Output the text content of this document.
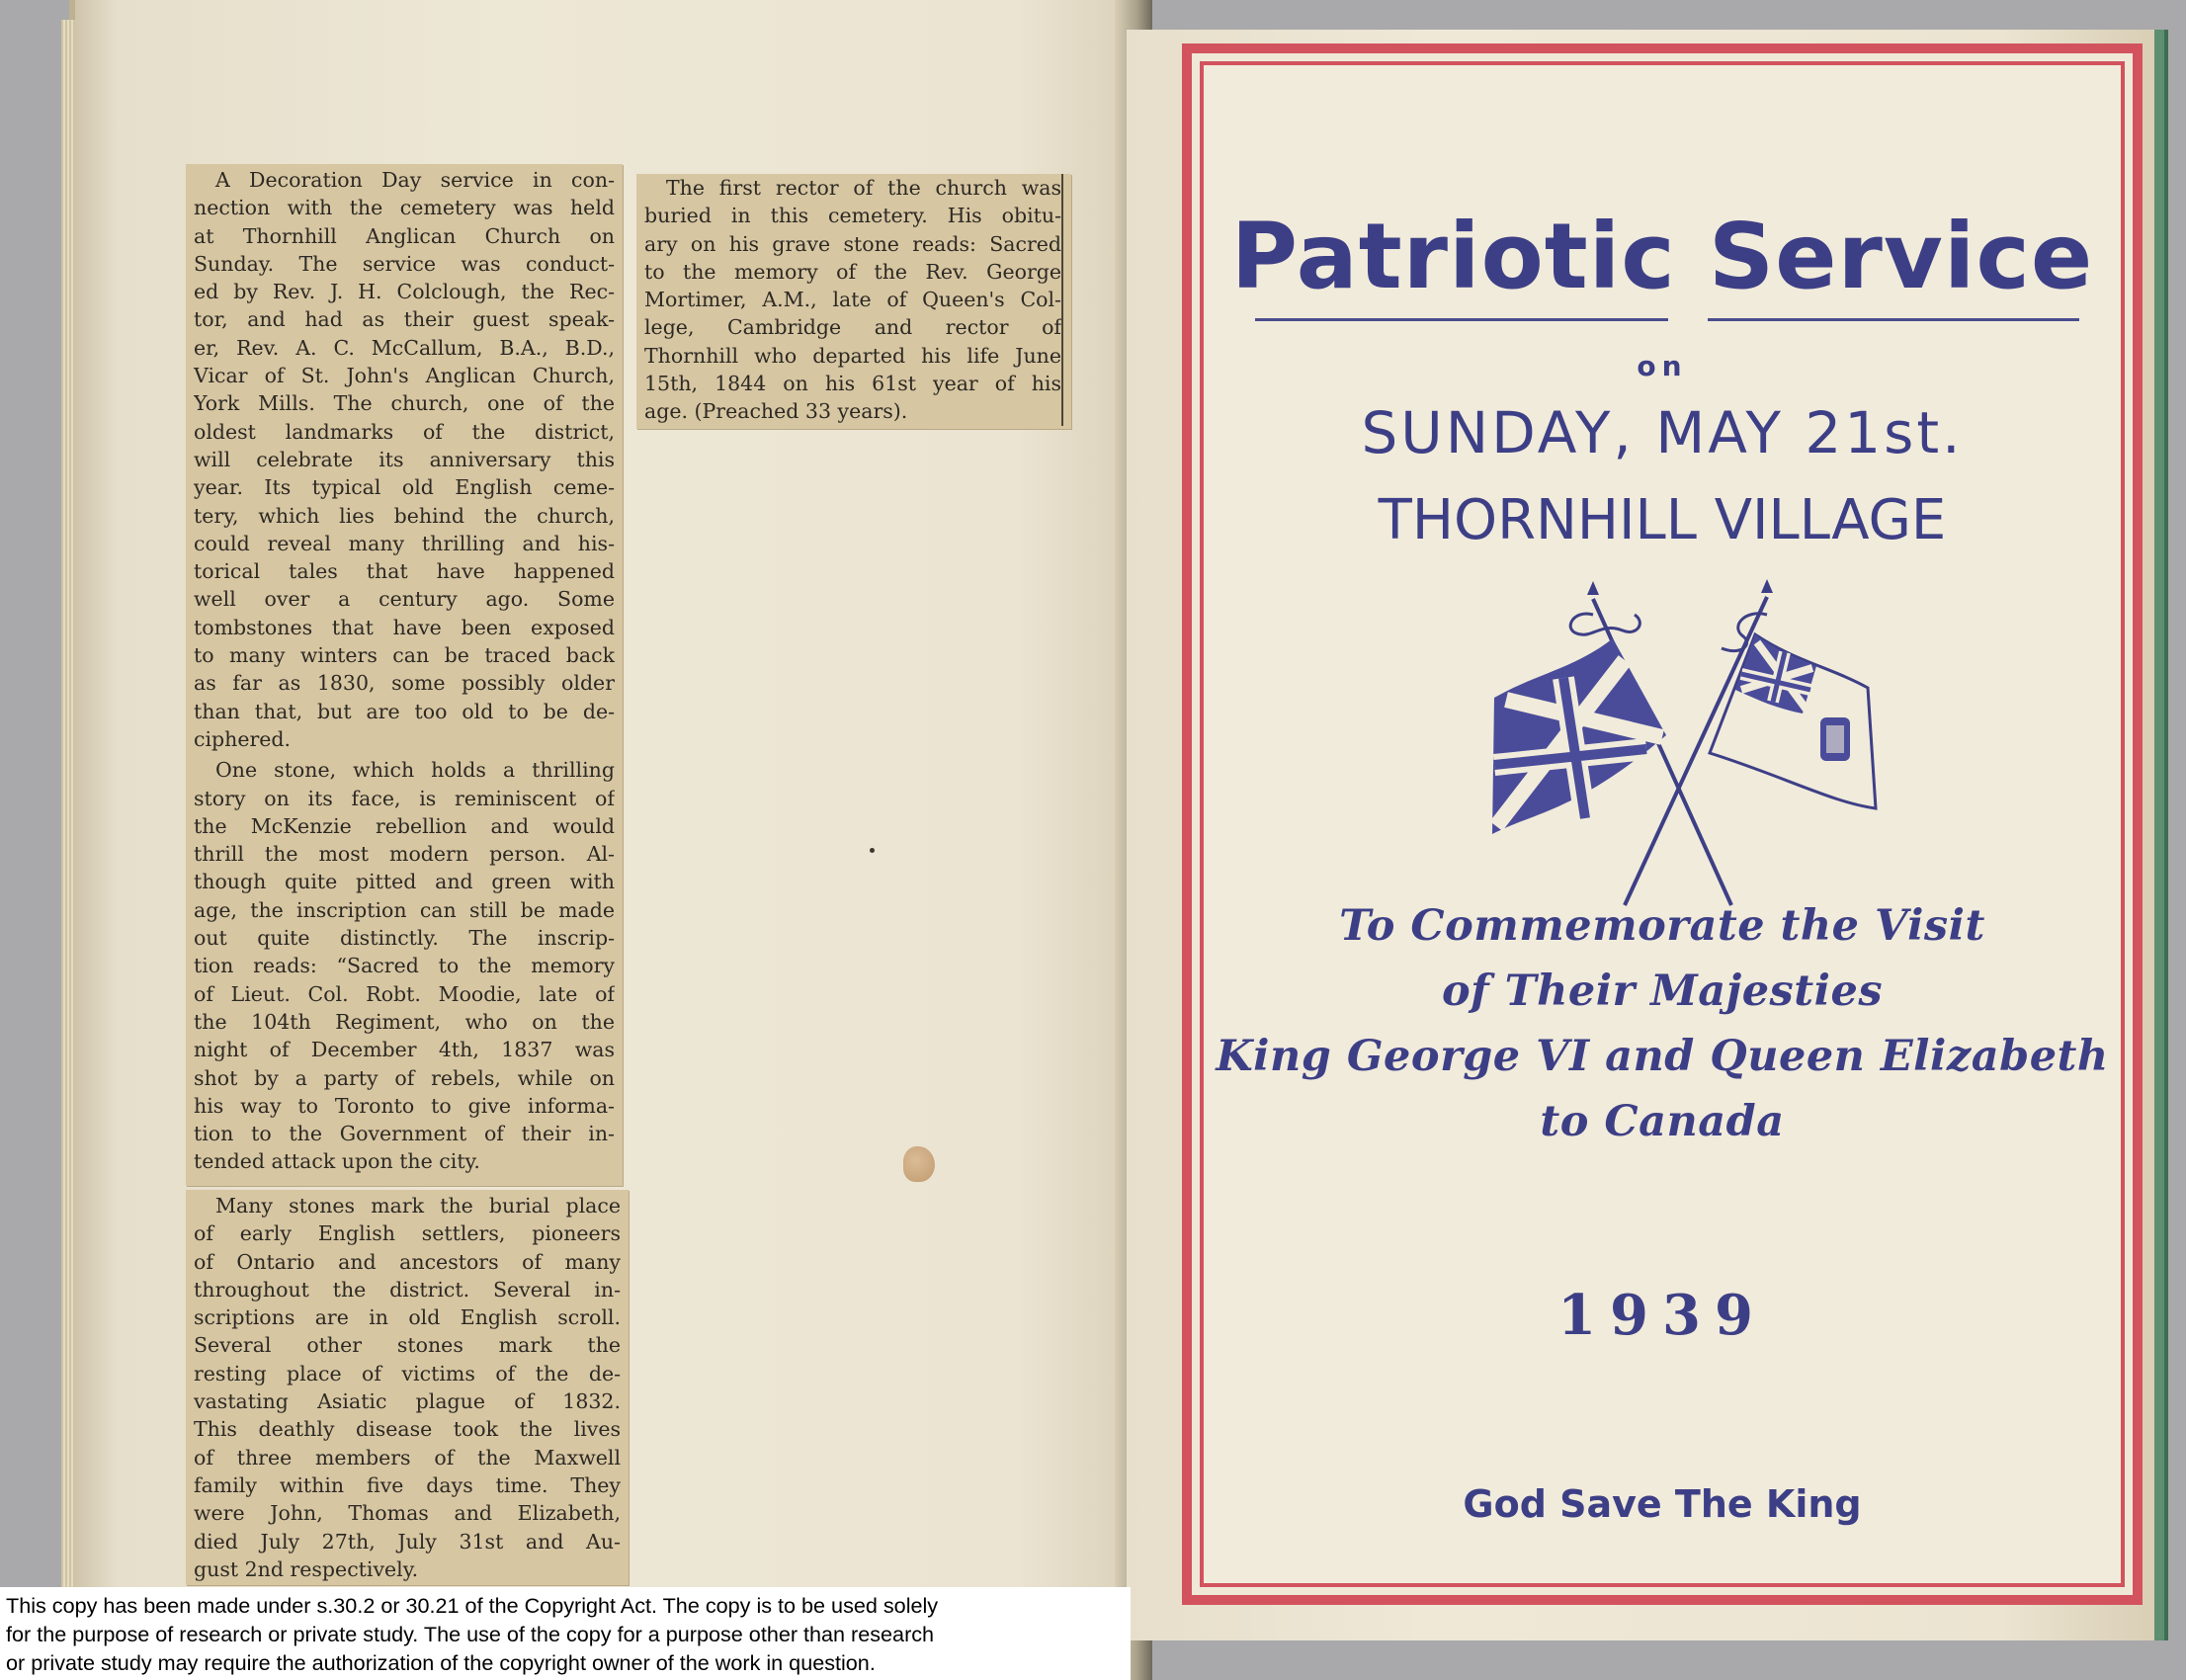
A Decoration Day service in con-
nection with the cemetery was held
at Thornhill Anglican Church on
Sunday. The service was conduct-
ed by Rev. J. H. Colclough, the Rec-
tor, and had as their guest speak-
er, Rev. A. C. McCallum, B.A., B.D.,
Vicar of St. John's Anglican Church,
York Mills. The church, one of the
oldest landmarks of the district,
will celebrate its anniversary this
year. Its typical old English ceme-
tery, which lies behind the church,
could reveal many thrilling and his-
torical tales that have happened
well over a century ago. Some
tombstones that have been exposed
to many winters can be traced back
as far as 1830, some possibly older
than that, but are too old to be de-
ciphered.

One stone, which holds a thrilling
story on its face, is reminiscent of
the McKenzie rebellion and would
thrill the most modern person. Al-
though quite pitted and green with
age, the inscription can still be made
out quite distinctly. The inscrip-
tion reads: “Sacred to the memory
of Lieut. Col. Robt. Moodie, late of
the 104th Regiment, who on the
night of December 4th, 1837 was
shot by a party of rebels, while on
his way to Toronto to give informa-
tion to the Government of their in-
tended attack upon the city.

Many stones mark the burial place
of early English settlers, pioneers
of Ontario and ancestors of many
throughout the district. Several in-
scriptions are in old English scroll.
Several other stones mark the
resting place of victims of the de-
vastating Asiatic plague of 1832.
This deathly disease took the lives
of three members of the Maxwell
family within five days time. They
were John, Thomas and Elizabeth,
died July 27th, July 31st and Au-
gust 2nd respectively.

The first rector of the church was
buried in this cemetery. His obitu-
ary on his grave stone reads: Sacred
to the memory of the Rev. George
Mortimer, A.M., late of Queen's Col-
lege, Cambridge and rector of
Thornhill who departed his life June
15th, 1844 on his 61st year of his
age. (Preached 33 years).

Patriotic Service
on
SUNDAY, MAY 21st.
THORNHILL VILLAGE
To Commemorate the Visit
of Their Majesties
King George VI and Queen Elizabeth
to Canada
1939
God Save The King
This copy has been made under s.30.2 or 30.21 of the Copyright Act. The copy is to be used solely
for the purpose of research or private study. The use of the copy for a purpose other than research
or private study may require the authorization of the copyright owner of the work in question.
